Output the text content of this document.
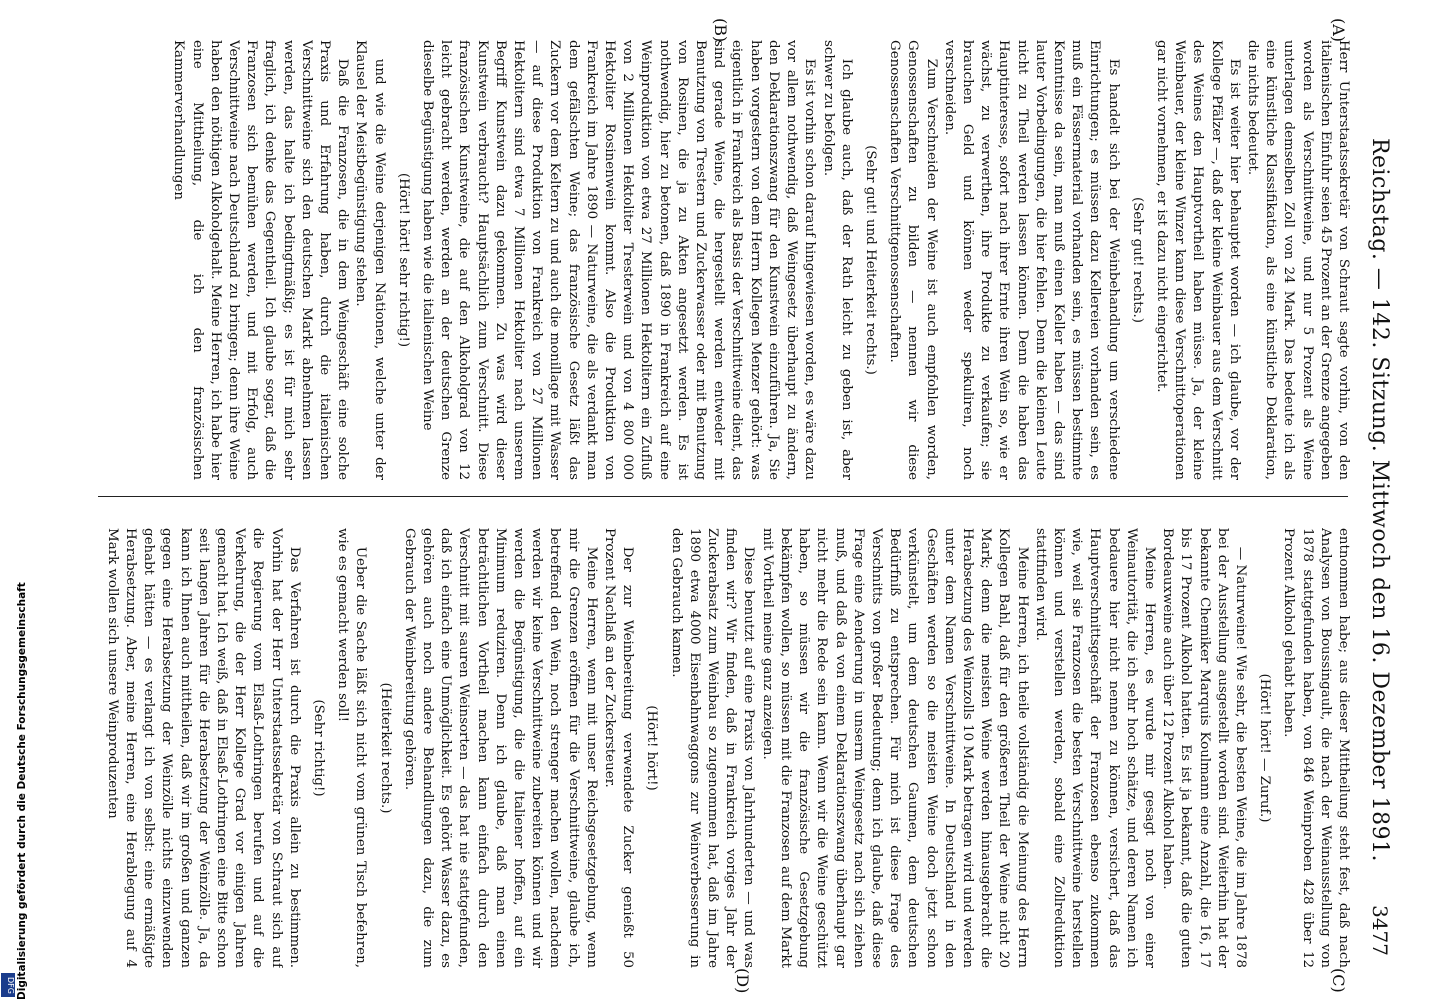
Reichstag. — 142. Sitzung. Mittwoch den 16. Dezember 1891.
3477
(A)
(B)
(C)
(D)

Herr Unterstaatssekretär von Schraut sagte vorhin, von den italienischen Einfuhr seien 45 Prozent an der Grenze angegeben worden als Verschnittweine, und nur 5 Prozent als Weine unterlagen demselben Zoll von 24 Mark. Das bedeute ich als eine künstliche Klassifikation, als eine künstliche Deklaration, die nichts bedeutet.

Es ist weiter hier behauptet worden — ich glaube, vor der Kollege Pfälzer —, daß der kleine Weinbauer aus dem Verschnitt des Weines den Hauptvortheil haben müsse. Ja, der kleine Weinbauer, der kleine Winzer kann diese Verschnittoperationen gar nicht vornehmen, er ist dazu nicht eingerichtet.

(Sehr gut! rechts.)

Es handelt sich bei der Weinbehandlung um verschiedene Einrichtungen; es müssen dazu Kellereien vorhanden sein, es muß ein Fässermaterial vorhanden sein, es müssen bestimmte Kenntnisse da sein, man muß einen Keller haben — das sind lauter Vorbedingungen, die hier fehlen. Denn die kleinen Leute nicht zu Theil werden lassen können. Denn die haben das Hauptinteresse, sofort nach ihrer Ernte ihren Wein so, wie er wächst, zu verwerthen, ihre Produkte zu verkaufen; sie brauchen Geld und können weder spekuliren, noch verschneiden.

Zum Verschneiden der Weine ist auch empfohlen worden, Genossenschaften zu bilden — nennen wir diese Genossenschaften Verschnittgenossenschaften.

(Sehr gut! und Heiterkeit rechts.)

Ich glaube auch, daß der Rath leicht zu geben ist, aber schwer zu befolgen.

Es ist vorhin schon darauf hingewiesen worden, es wäre dazu vor allem nothwendig, daß Weingesetz überhaupt zu ändern, den Deklarationszwang für den Kunstwein einzuführen. Ja, Sie haben vorgestern von dem Herrn Kollegen Menzer gehört: was eigentlich in Frankreich als Basis der Verschnittweine dient, das sind gerade Weine, die hergestellt werden entweder mit Benutzung von Trestern und Zuckerwasser oder mit Benutzung von Rosinen, die ja zu Akten angesetzt werden. Es ist nothwendig, hier zu betonen, daß 1890 in Frankreich auf eine Weinproduktion von etwa 27 Millionen Hektolitern ein Zufluß von 2 Millionen Hektoliter Tresterwein und von 4 800 000 Hektoliter Rosinenwein kommt. Also die Produktion von Frankreich im Jahre 1890 — Naturweine, die als verdankt man dem gefälschten Weine; das französische Gesetz läßt das Zuckern vor dem Keltern zu und auch die monillage mit Wasser — auf diese Produktion von Frankreich von 27 Millionen Hektolitern sind etwa 7 Millionen Hektoliter nach unserem Begriff Kunstwein dazu gekommen. Zu was wird dieser Kunstwein verbraucht? Hauptsächlich zum Verschnitt. Diese französischen Kunstweine, die auf den Alkoholgrad von 12 leicht gebracht werden, werden an der deutschen Grenze dieselbe Begünstigung haben wie die italienischen Weine

(Hört! hört! sehr richtig!)

und wie die Weine derjenigen Nationen, welche unter der Klausel der Meistbegünstigung stehen.

Daß die Franzosen, die in dem Weingeschäft eine solche Praxis und Erfahrung haben, durch die italienischen Verschnittweine sich den deutschen Markt abnehmen lassen werden, das halte ich bedingtmäßig; es ist für mich sehr fraglich, ich denke das Gegentheil. Ich glaube sogar, daß die Franzosen sich bemühen werden, und mit Erfolg, auch Verschnittweine nach Deutschland zu bringen; denn ihre Weine haben den nöthigen Alkoholgehalt. Meine Herren, ich habe hier eine Mittheilung, die ich den französischen Kammerverhandlungen

entnommen habe; aus dieser Mittheilung steht fest, daß nach Analysen von Boussingault, die nach der Weinausstellung von 1878 stattgefunden haben, von 846 Weinproben 428 über 12 Prozent Alkohol gehabt haben.

(Hört! hört! — Zuruf.)

— Naturweine! Wie sehr, die besten Weine, die im Jahre 1878 bei der Ausstellung ausgestellt worden sind. Weiterhin hat der bekannte Chemiker Marquis Koulmann eine Anzahl, die 16, 17 bis 17 Prozent Alkohol hatten. Es ist ja bekannt, daß die guten Bordeauxweine auch über 12 Prozent Alkohol haben.

Meine Herren, es wurde mir gesagt noch von einer Weinautorität, die ich sehr hoch schätze, und deren Namen ich bedauere hier nicht nennen zu können, versichert, daß das Hauptverschnittsgeschäft der Franzosen ebenso zukommen wie, weil sie Franzosen die besten Verschnittweine herstellen können und verstellen werden, sobald eine Zollreduktion stattfinden wird.

Meine Herren, ich theile vollständig die Meinung des Herrn Kollegen Bahl, daß für den größeren Theil der Weine nicht 20 Mark; denn die meisten Weine werden hinausgebracht die Herabsetzung des Weinzolls 10 Mark betragen wird und werden unter dem Namen Verschnittweine. In Deutschland in den Geschäften werden so die meisten Weine doch jetzt schon verkünstelt, um dem deutschen Gaumen, dem deutschen Bedürfniß zu entsprechen. Für mich ist diese Frage des Verschnitts von großer Bedeutung; denn ich glaube, daß diese Frage eine Aenderung in unserm Weingesetz nach sich ziehen muß, und daß da von einem Deklarationszwang überhaupt gar nicht mehr die Rede sein kann. Wenn wir die Weine geschützt haben, so müssen wir die französische Gesetzgebung bekämpfen wollen, so müssen mit die Franzosen auf dem Markt mit Vortheil meine ganz anzeigen.

Diese benutzt auf eine Praxis von Jahrhunderten — und was finden wir? Wir finden, daß in Frankreich voriges Jahr der Zuckerabsatz zum Weinbau so zugenommen hat, daß im Jahre 1890 etwa 4000 Eisenbahnwaggons zur Weinverbesserung in den Gebrauch kamen.

(Hört! hört!)

Der zur Weinbereitung verwendete Zucker genießt 50 Prozent Nachlaß an der Zuckersteuer.

Meine Herren, wenn mit unser Reichsgesetzgebung, wenn mir die Grenzen eröffnen für die Verschnittweine, glaube ich, betreffend den Wein, noch strenger machen wollen, nachdem werden wir keine Verschnittweine zubereiten können und wir werden die Begünstigung, die die Italiener hoffen, auf ein Minimum reduziren. Denn ich glaube, daß man einen beträchtlichen Vortheil machen kann einfach durch den Verschnitt mit sauren Weinsorten — das hat nie stattgefunden, daß ich einfach eine Unmöglichkeit. Es gehört Wasser dazu, es gehören auch noch andere Behandlungen dazu, die zum Gebrauch der Weinbereitung gehören.

(Heiterkeit rechts.)

Ueber die Sache läßt sich nicht vom grünen Tisch befehren, wie es gemacht werden soll!

(Sehr richtig!)

Das Verfahren ist durch die Praxis allein zu bestimmen. Vorhin hat der Herr Unterstaatssekretär von Schraut sich auf die Regierung vom Elsaß-Lothringen berufen und auf die Verkehrung, die der Herr Kollege Grad vor einigen Jahren gemacht hat. Ich weiß, daß in Elsaß-Lothringen eine Bitte schon seit langen Jahren für die Herabsetzung der Weinzölle. Ja, da kann ich Ihnen auch mittheilen, daß wir im großen und ganzen gegen eine Herabsetzung der Weinzölle nichts einzuwenden gehabt hätten — es verlangt ich von selbst: eine ermäßigte Herabsetzung. Aber, meine Herren, eine Herablegung auf 4 Mark wollen sich unsere Weinproduzenten

Digitalisierung gefördert durch die Deutsche Forschungsgemeinschaft
DFG
